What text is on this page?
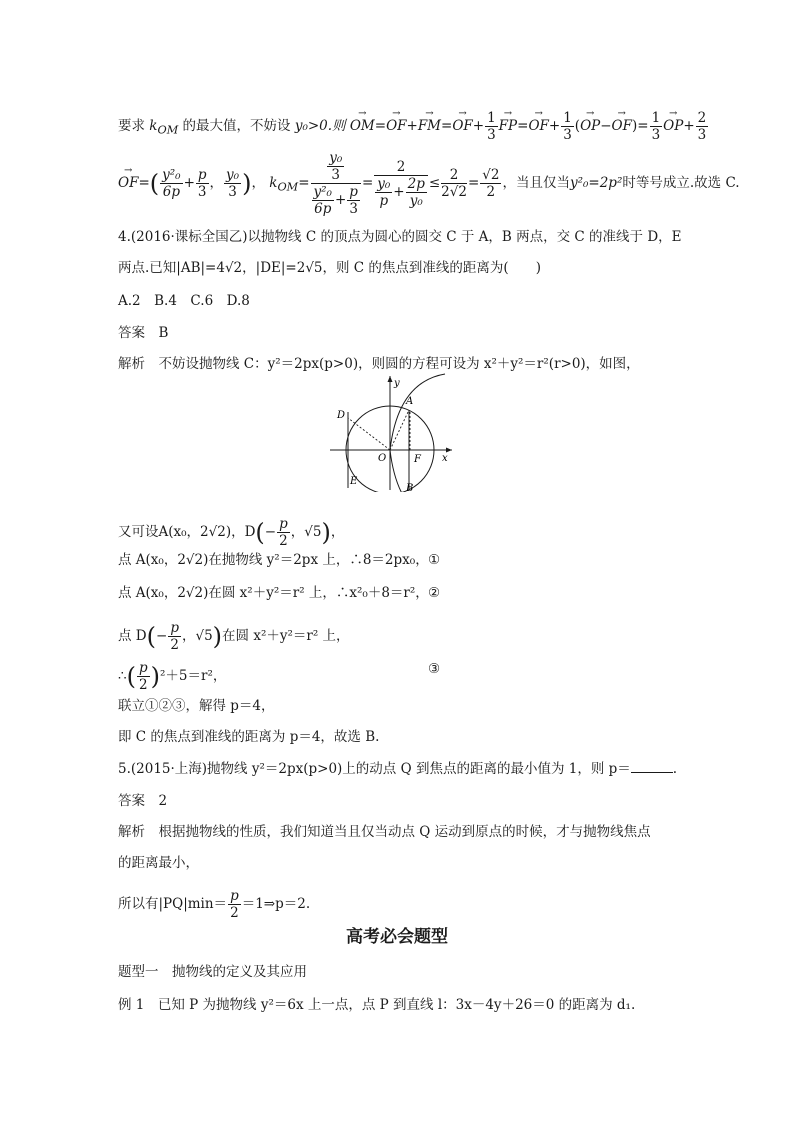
要求 $k_{OM}$ 的最大值，不妨设 y₀>0.则 → $OM=\to OF+\to FM=\to OF+ \frac{1}{3}$
→ $FP=\to OF+ \frac{1}{3}$ (→ $OP-\to OF)= \frac{1}{3}$
→ $OP+ \frac{2}{3}$
→ $OF=( \frac{\text{y²₀}}{6p} + \frac{p}{3}$ ， $\frac{\text{y₀}}{3}$ )， $k_{OM}= \frac{\frac{\text{y₀}}{3}}{\frac{\text{y²₀}}{6p} + \frac{p}{3}} = \frac{2}{\frac{\text{y₀}}{p} + \frac{2p}{\text{y₀}}} \le \frac{2}{2√2} = \frac{√2}{2}$ ，当且仅当y²₀=2p²时等号成立.故选 C.
4.(2016·课标全国乙)以抛物线 C 的顶点为圆心的圆交 C 于 A，B 两点，交 C 的准线于 D，E
两点.已知|AB|=4√2，|DE|=2√5，则 C 的焦点到准线的距离为(　　)
A.2　B.4　C.6　D.8
答案　B
解析　不妨设抛物线 C：y²＝2px(p>0)，则圆的方程可设为 x²＋y²＝r²(r>0)，如图，
y
A
D
O	F x
E
B
又可设A(x₀，2√2)，$D(- \frac{p}{2}$ ，√5)，
点 A(x₀，2√2)在抛物线 y²＝2px 上，∴8＝2px₀， ①
点 A(x₀，2√2)在圆 x²＋y²＝r² 上，∴x²₀＋8＝r²， ②
点 $D(- \frac{p}{2}$ ，√5)在圆 x²＋y²＝r² 上，
∴( $\frac{p}{2} )^2+5=r^2$，	③
联立①②③，解得 p＝4，
即 C 的焦点到准线的距离为 p＝4，故选 B.
5.(2015·上海)抛物线 y²＝2px(p>0)上的动点 Q 到焦点的距离的最小值为 1，则 p＝	.
答案　2
解析　根据抛物线的性质，我们知道当且仅当动点 Q 运动到原点的时候，才与抛物线焦点
的距离最小，
所以有$|PQ|\min= \frac{p}{2}$ ＝1⇒p＝2.
高考必会题型
题型一　抛物线的定义及其应用
例 1　已知 P 为抛物线 y²＝6x 上一点，点 P 到直线 l：3x－4y＋26＝0 的距离为 d₁.
